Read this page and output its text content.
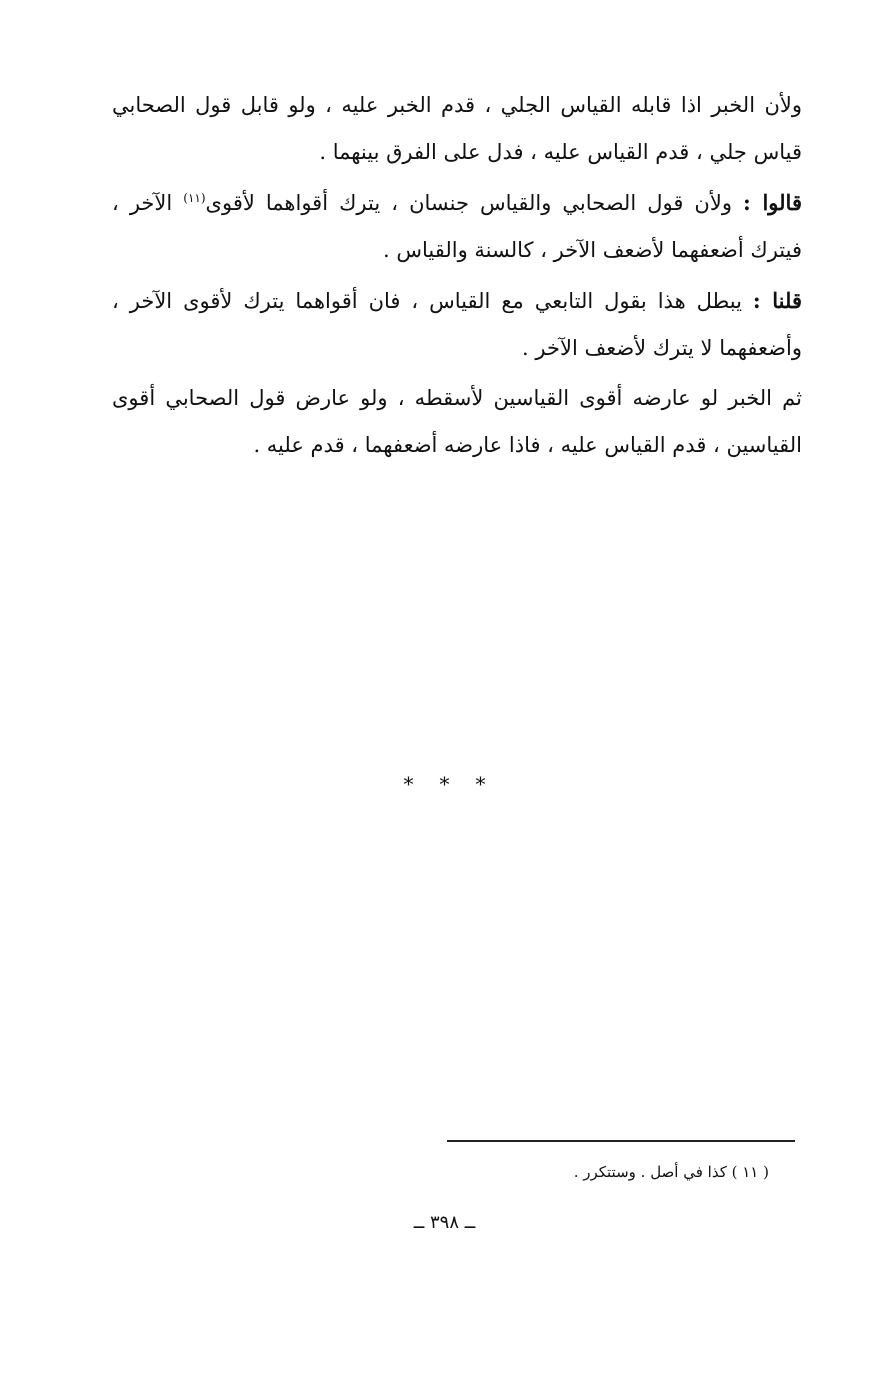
ولأن الخبر اذا قابله القياس الجلي ، قدم الخبر عليه ، ولو قابل قول الصحابي قياس جلي ، قدم القياس عليه ، فدل على الفرق بينهما .

قالوا : ولأن قول الصحابي والقياس جنسان ، يترك أقواهما لأقوى$^{(١١)}$ الآخر ، فيترك أضعفهما لأضعف الآخر ، كالسنة والقياس .

قلنا : يبطل هذا بقول التابعي مع القياس ، فان أقواهما يترك لأقوى الآخر ، وأضعفهما لا يترك لأضعف الآخر .

ثم الخبر لو عارضه أقوى القياسين لأسقطه ، ولو عارض قول الصحابي أقوى القياسين ، قدم القياس عليه ، فاذا عارضه أضعفهما ، قدم عليه .

* * *
( ١١ ) كذا في أصل . وستتكرر .
ــ ٣٩٨ ــ
